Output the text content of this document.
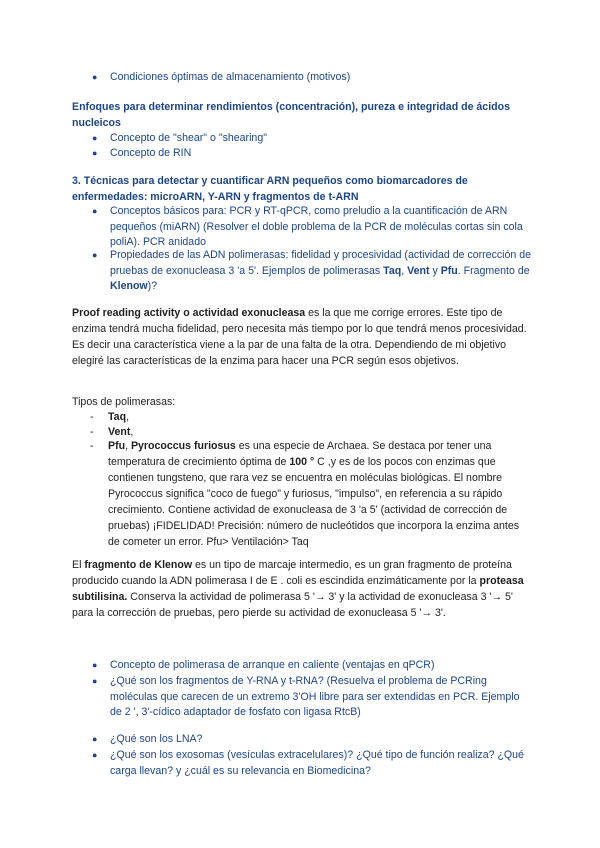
●	Condiciones óptimas de almacenamiento (motivos)
Enfoques para determinar rendimientos (concentración), pureza e integridad de ácidos nucleicos
●	Concepto de "shear" o "shearing"
●	Concepto de RIN
3. Técnicas para detectar y cuantificar ARN pequeños como biomarcadores de enfermedades: microARN, Y-ARN y fragmentos de t-ARN
●	Conceptos básicos para: PCR y RT-qPCR, como preludio a la cuantificación de ARN pequeños (miARN) (Resolver el doble problema de la PCR de moléculas cortas sin cola poliA). PCR anidado
●	Propiedades de las ADN polimerasas: fidelidad y procesividad (actividad de corrección de pruebas de exonucleasa 3 'a 5'. Ejemplos de polimerasas Taq, Vent y Pfu. Fragmento de Klenow)?
Proof reading activity o actividad exonucleasa es la que me corrige errores. Este tipo de enzima tendrá mucha fidelidad, pero necesita más tiempo por lo que tendrá menos procesividad. Es decir una característica viene a la par de una falta de la otra. Dependiendo de mi objetivo elegiré las características de la enzima para hacer una PCR según esos objetivos.
Tipos de polimerasas:
- Taq,
- Vent,
- Pfu, Pyrococcus furiosus es una especie de Archaea. Se destaca por tener una temperatura de crecimiento óptima de 100 ° C ,y es de los pocos con enzimas que contienen tungsteno, que rara vez se encuentra en moléculas biológicas. El nombre Pyrococcus significa "coco de fuego" y furiosus, "impulso", en referencia a su rápido crecimiento. Contiene actividad de exonucleasa de 3 'a 5' (actividad de corrección de pruebas) ¡FIDELIDAD! Precisión: número de nucleótidos que incorpora la enzima antes de cometer un error. Pfu> Ventilación> Taq
El fragmento de Klenow es un tipo de marcaje intermedio, es un gran fragmento de proteína producido cuando la ADN polimerasa I de E . coli es escindida enzimáticamente por la proteasa subtilisina. Conserva la actividad de polimerasa 5 '→ 3' y la actividad de exonucleasa 3 '→ 5' para la corrección de pruebas, pero pierde su actividad de exonucleasa 5 '→ 3'.
●	Concepto de polimerasa de arranque en caliente (ventajas en qPCR)
●	¿Qué son los fragmentos de Y-RNA y t-RNA? (Resuelva el problema de PCRing moléculas que carecen de un extremo 3'OH libre para ser extendidas en PCR. Ejemplo de 2 ', 3'-cídico adaptador de fosfato con ligasa RtcB)
●	¿Qué son los LNA?
●	¿Qué son los exosomas (vesículas extracelulares)? ¿Qué tipo de función realiza? ¿Qué carga llevan? y ¿cuál es su relevancia en Biomedicina?
